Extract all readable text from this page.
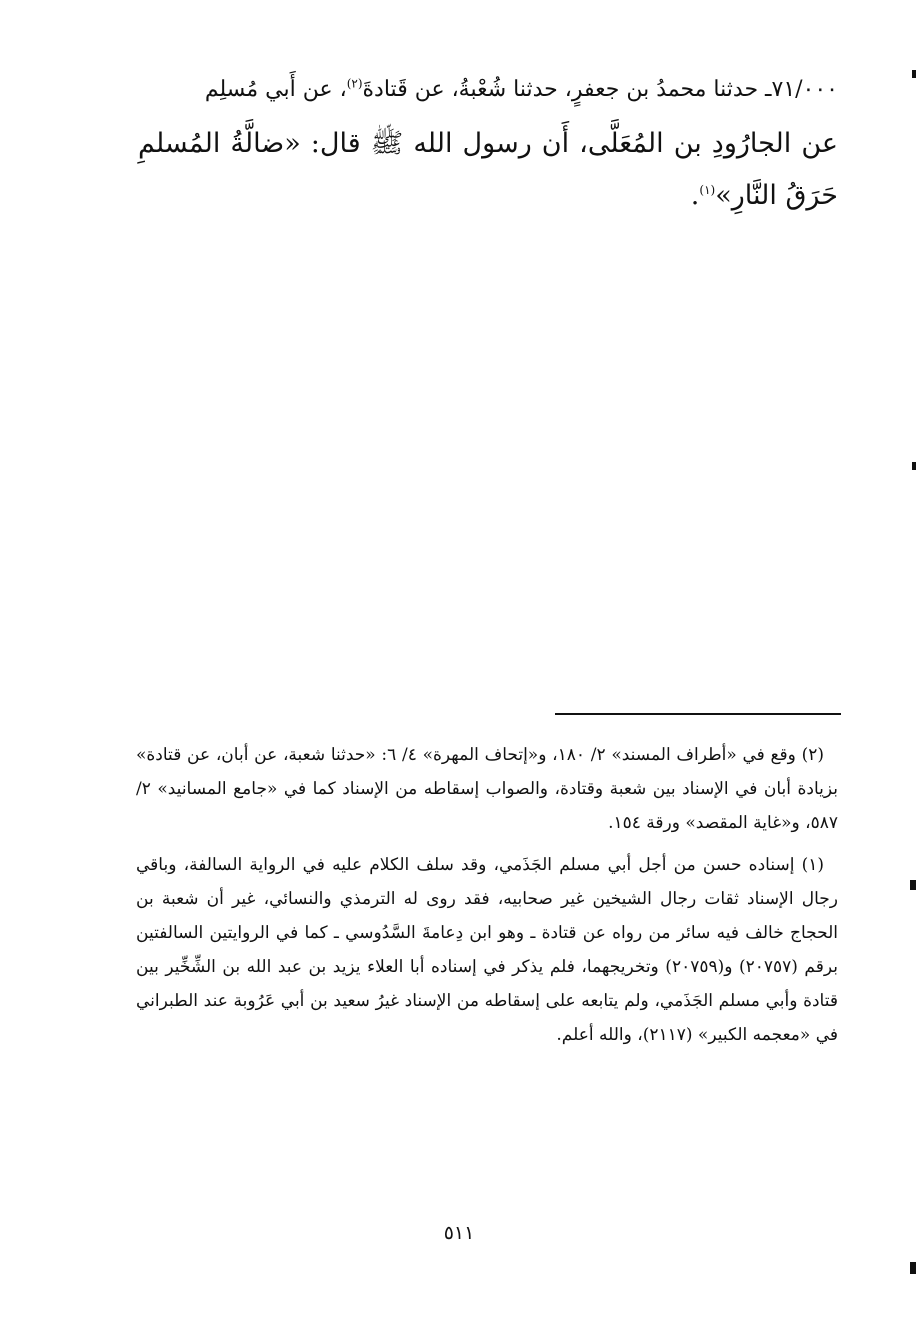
٧١/٠٠٠ـ حدثنا محمدُ بن جعفرٍ، حدثنا شُعْبةُ، عن قَتادةَ$^{(٢)}$، عن أَبي مُسلِم

عن الجارُودِ بن المُعَلَّى، أَن رسول الله ﷺ قال: «ضالَّةُ المُسلمِ حَرَقُ النَّارِ»$^{(١)}$.

(٢) وقع في «أطراف المسند» ٢/ ١٨٠، و«إتحاف المهرة» ٤/ ٦: «حدثنا شعبة، عن أبان، عن قتادة» بزيادة أبان في الإسناد بين شعبة وقتادة، والصواب إسقاطه من الإسناد كما في «جامع المسانيد» ٢/ ٥٨٧، و«غاية المقصد» ورقة ١٥٤.

(١) إسناده حسن من أجل أبي مسلم الجَذَمي، وقد سلف الكلام عليه في الرواية السالفة، وباقي رجال الإسناد ثقات رجال الشيخين غير صحابيه، فقد روى له الترمذي والنسائي، غير أن شعبة بن الحجاج خالف فيه سائر من رواه عن قتادة ـ وهو ابن دِعامةَ السَّدُوسي ـ كما في الروايتين السالفتين برقم (٢٠٧٥٧) و(٢٠٧٥٩) وتخريجهما، فلم يذكر في إسناده أبا العلاء يزيد بن عبد الله بن الشِّخِّير بين قتادة وأبي مسلم الجَذَمي، ولم يتابعه على إسقاطه من الإسناد غيرُ سعيد بن أبي عَرُوبة عند الطبراني في «معجمه الكبير» (٢١١٧)، والله أعلم.

٥١١
